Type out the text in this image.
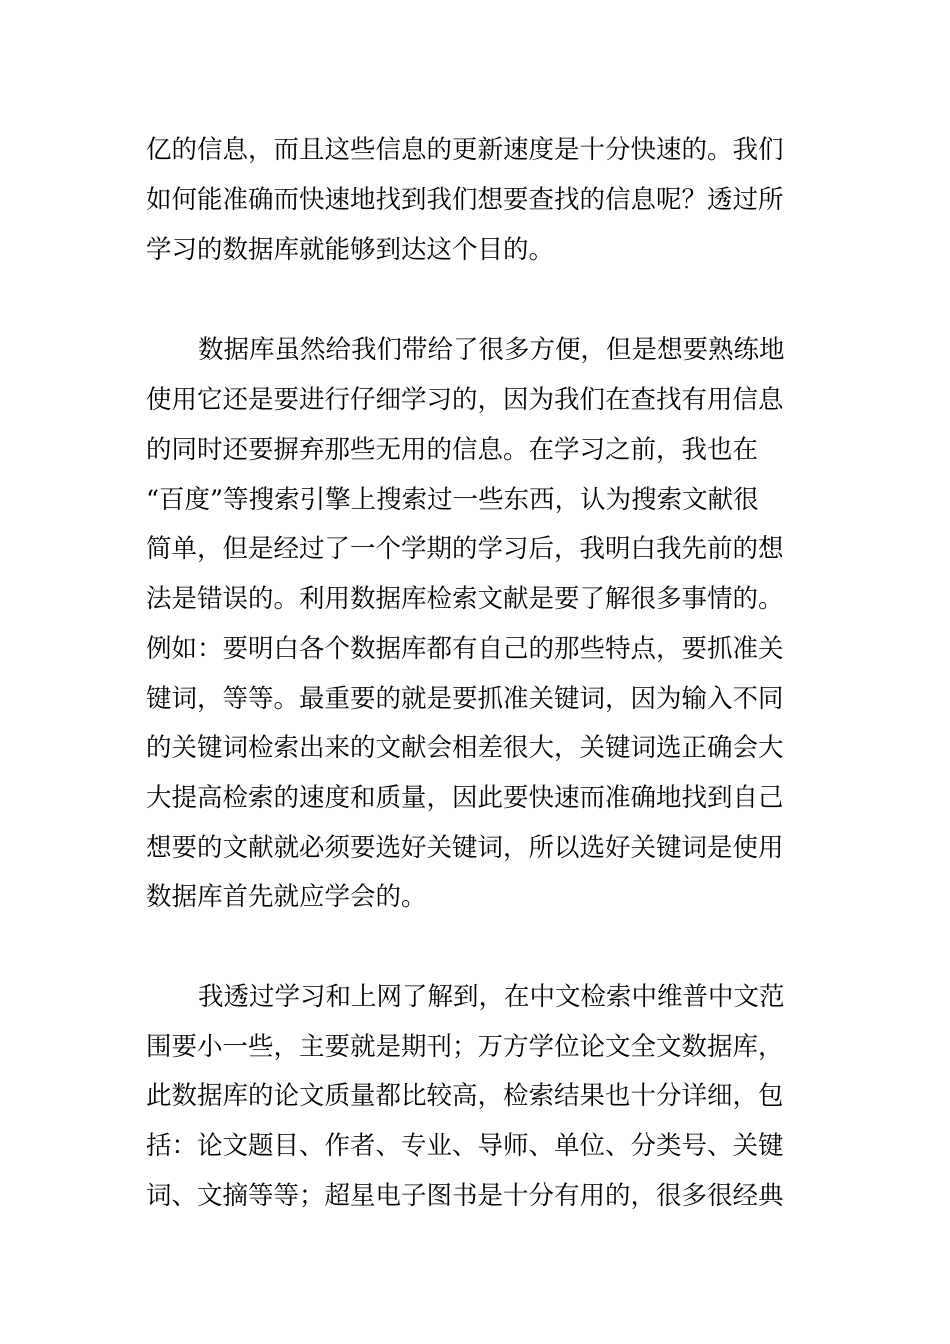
亿的信息，而且这些信息的更新速度是十分快速的。我们
如何能准确而快速地找到我们想要查找的信息呢？透过所
学习的数据库就能够到达这个目的。
数据库虽然给我们带给了很多方便，但是想要熟练地
使用它还是要进行仔细学习的，因为我们在查找有用信息
的同时还要摒弃那些无用的信息。在学习之前，我也在
“百度”等搜索引擎上搜索过一些东西，认为搜索文献很
简单，但是经过了一个学期的学习后，我明白我先前的想
法是错误的。利用数据库检索文献是要了解很多事情的。
例如：要明白各个数据库都有自己的那些特点，要抓准关
键词，等等。最重要的就是要抓准关键词，因为输入不同
的关键词检索出来的文献会相差很大，关键词选正确会大
大提高检索的速度和质量，因此要快速而准确地找到自己
想要的文献就必须要选好关键词，所以选好关键词是使用
数据库首先就应学会的。
我透过学习和上网了解到，在中文检索中维普中文范
围要小一些，主要就是期刊；万方学位论文全文数据库，
此数据库的论文质量都比较高，检索结果也十分详细，包
括：论文题目、作者、专业、导师、单位、分类号、关键
词、文摘等等；超星电子图书是十分有用的，很多很经典
